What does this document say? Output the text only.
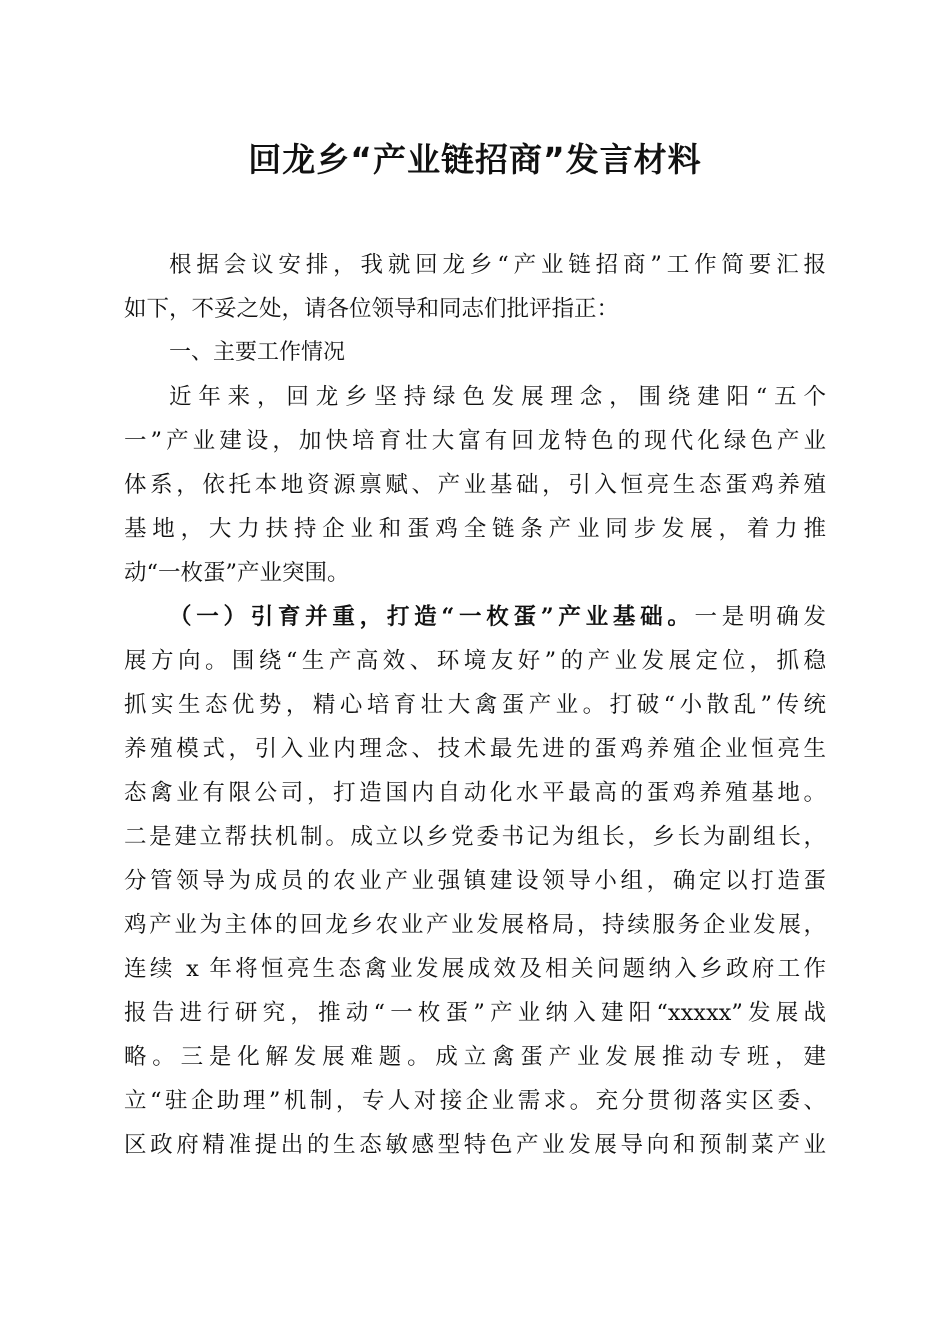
回龙乡“产业链招商”发言材料
根据会议安排，我就回龙乡“产业链招商”工作简要汇报
如下，不妥之处，请各位领导和同志们批评指正：
一、主要工作情况
近年来，回龙乡坚持绿色发展理念，围绕建阳“五个
一”产业建设，加快培育壮大富有回龙特色的现代化绿色产业
体系，依托本地资源禀赋、产业基础，引入恒亮生态蛋鸡养殖
基地，大力扶持企业和蛋鸡全链条产业同步发展，着力推
动“一枚蛋”产业突围。
（一）引育并重，打造“一枚蛋”产业基础。一是明确发
展方向。围绕“生产高效、环境友好”的产业发展定位，抓稳
抓实生态优势，精心培育壮大禽蛋产业。打破“小散乱”传统
养殖模式，引入业内理念、技术最先进的蛋鸡养殖企业恒亮生
态禽业有限公司，打造国内自动化水平最高的蛋鸡养殖基地。
二是建立帮扶机制。成立以乡党委书记为组长，乡长为副组长，
分管领导为成员的农业产业强镇建设领导小组，确定以打造蛋
鸡产业为主体的回龙乡农业产业发展格局，持续服务企业发展，
连续 x 年将恒亮生态禽业发展成效及相关问题纳入乡政府工作
报告进行研究，推动“一枚蛋”产业纳入建阳“xxxxx”发展战
略。三是化解发展难题。成立禽蛋产业发展推动专班，建
立“驻企助理”机制，专人对接企业需求。充分贯彻落实区委、
区政府精准提出的生态敏感型特色产业发展导向和预制菜产业
